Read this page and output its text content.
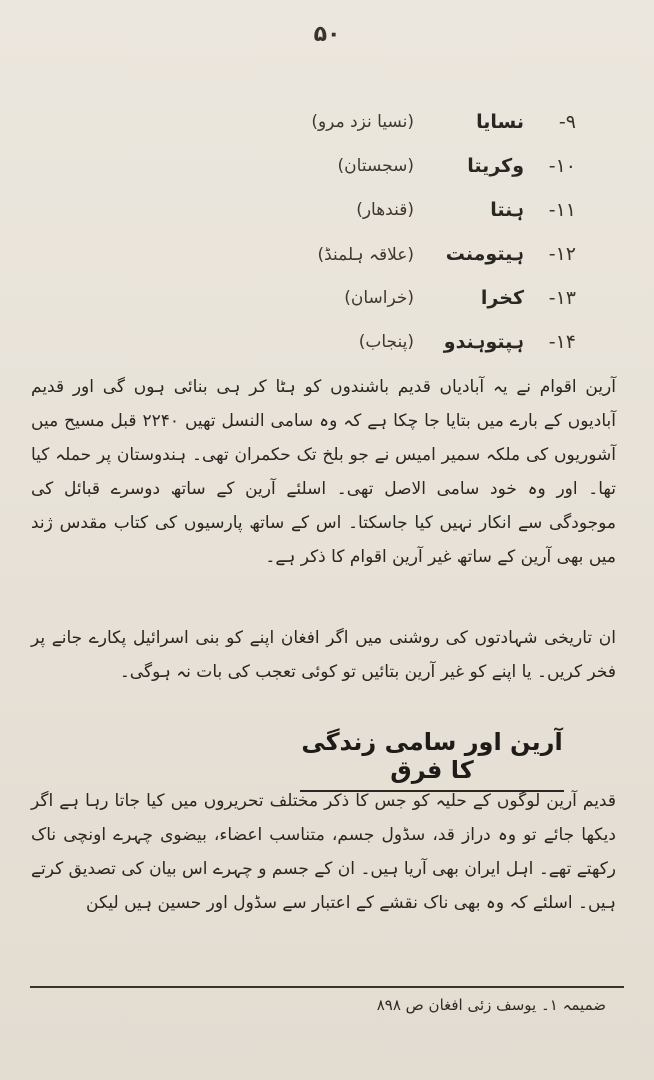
۵۰
۹-
نسایا
(نسیا نزد مرو)
۱۰-
وکریتا
(سجستان)
۱۱-
ہنتا
(قندھار)
۱۲-
ہیتومنت
(علاقہ ہلمنڈ)
۱۳-
کخرا
(خراسان)
۱۴-
ہپتوہندو
(پنجاب)
آرین اقوام نے یہ آبادیاں قدیم باشندوں کو ہٹا کر ہی بنائی ہوں گی اور قدیم آبادیوں کے بارے میں بتایا جا چکا ہے کہ وہ سامی النسل تھیں ۲۲۴۰ قبل مسیح میں آشوریوں کی ملکہ سمیر امیس نے جو بلخ تک حکمران تھی۔ ہندوستان پر حملہ کیا تھا۔ اور وہ خود سامی الاصل تھی۔ اسلئے آرین کے ساتھ دوسرے قبائل کی موجودگی سے انکار نہیں کیا جاسکتا۔ اس کے ساتھ پارسیوں کی کتاب مقدس ژند میں بھی آرین کے ساتھ غیر آرین اقوام کا ذکر ہے۔
ان تاریخی شہادتوں کی روشنی میں اگر افغان اپنے کو بنی اسرائیل پکارے جانے پر فخر کریں۔ یا اپنے کو غیر آرین بتائیں تو کوئی تعجب کی بات نہ ہوگی۔
آرین اور سامی زندگی کا فرق
قدیم آرین لوگوں کے حلیہ کو جس کا ذکر مختلف تحریروں میں کیا جاتا رہا ہے اگر دیکھا جائے تو وہ دراز قد، سڈول جسم، متناسب اعضاء، بیضوی چہرے اونچی ناک رکھتے تھے۔ اہل ایران بھی آریا ہیں۔ ان کے جسم و چہرے اس بیان کی تصدیق کرتے ہیں۔ اسلئے کہ وہ بھی ناک نقشے کے اعتبار سے سڈول اور حسین ہیں لیکن
ضمیمہ ۱۔ یوسف زئی افغان ص ۸۹۸
